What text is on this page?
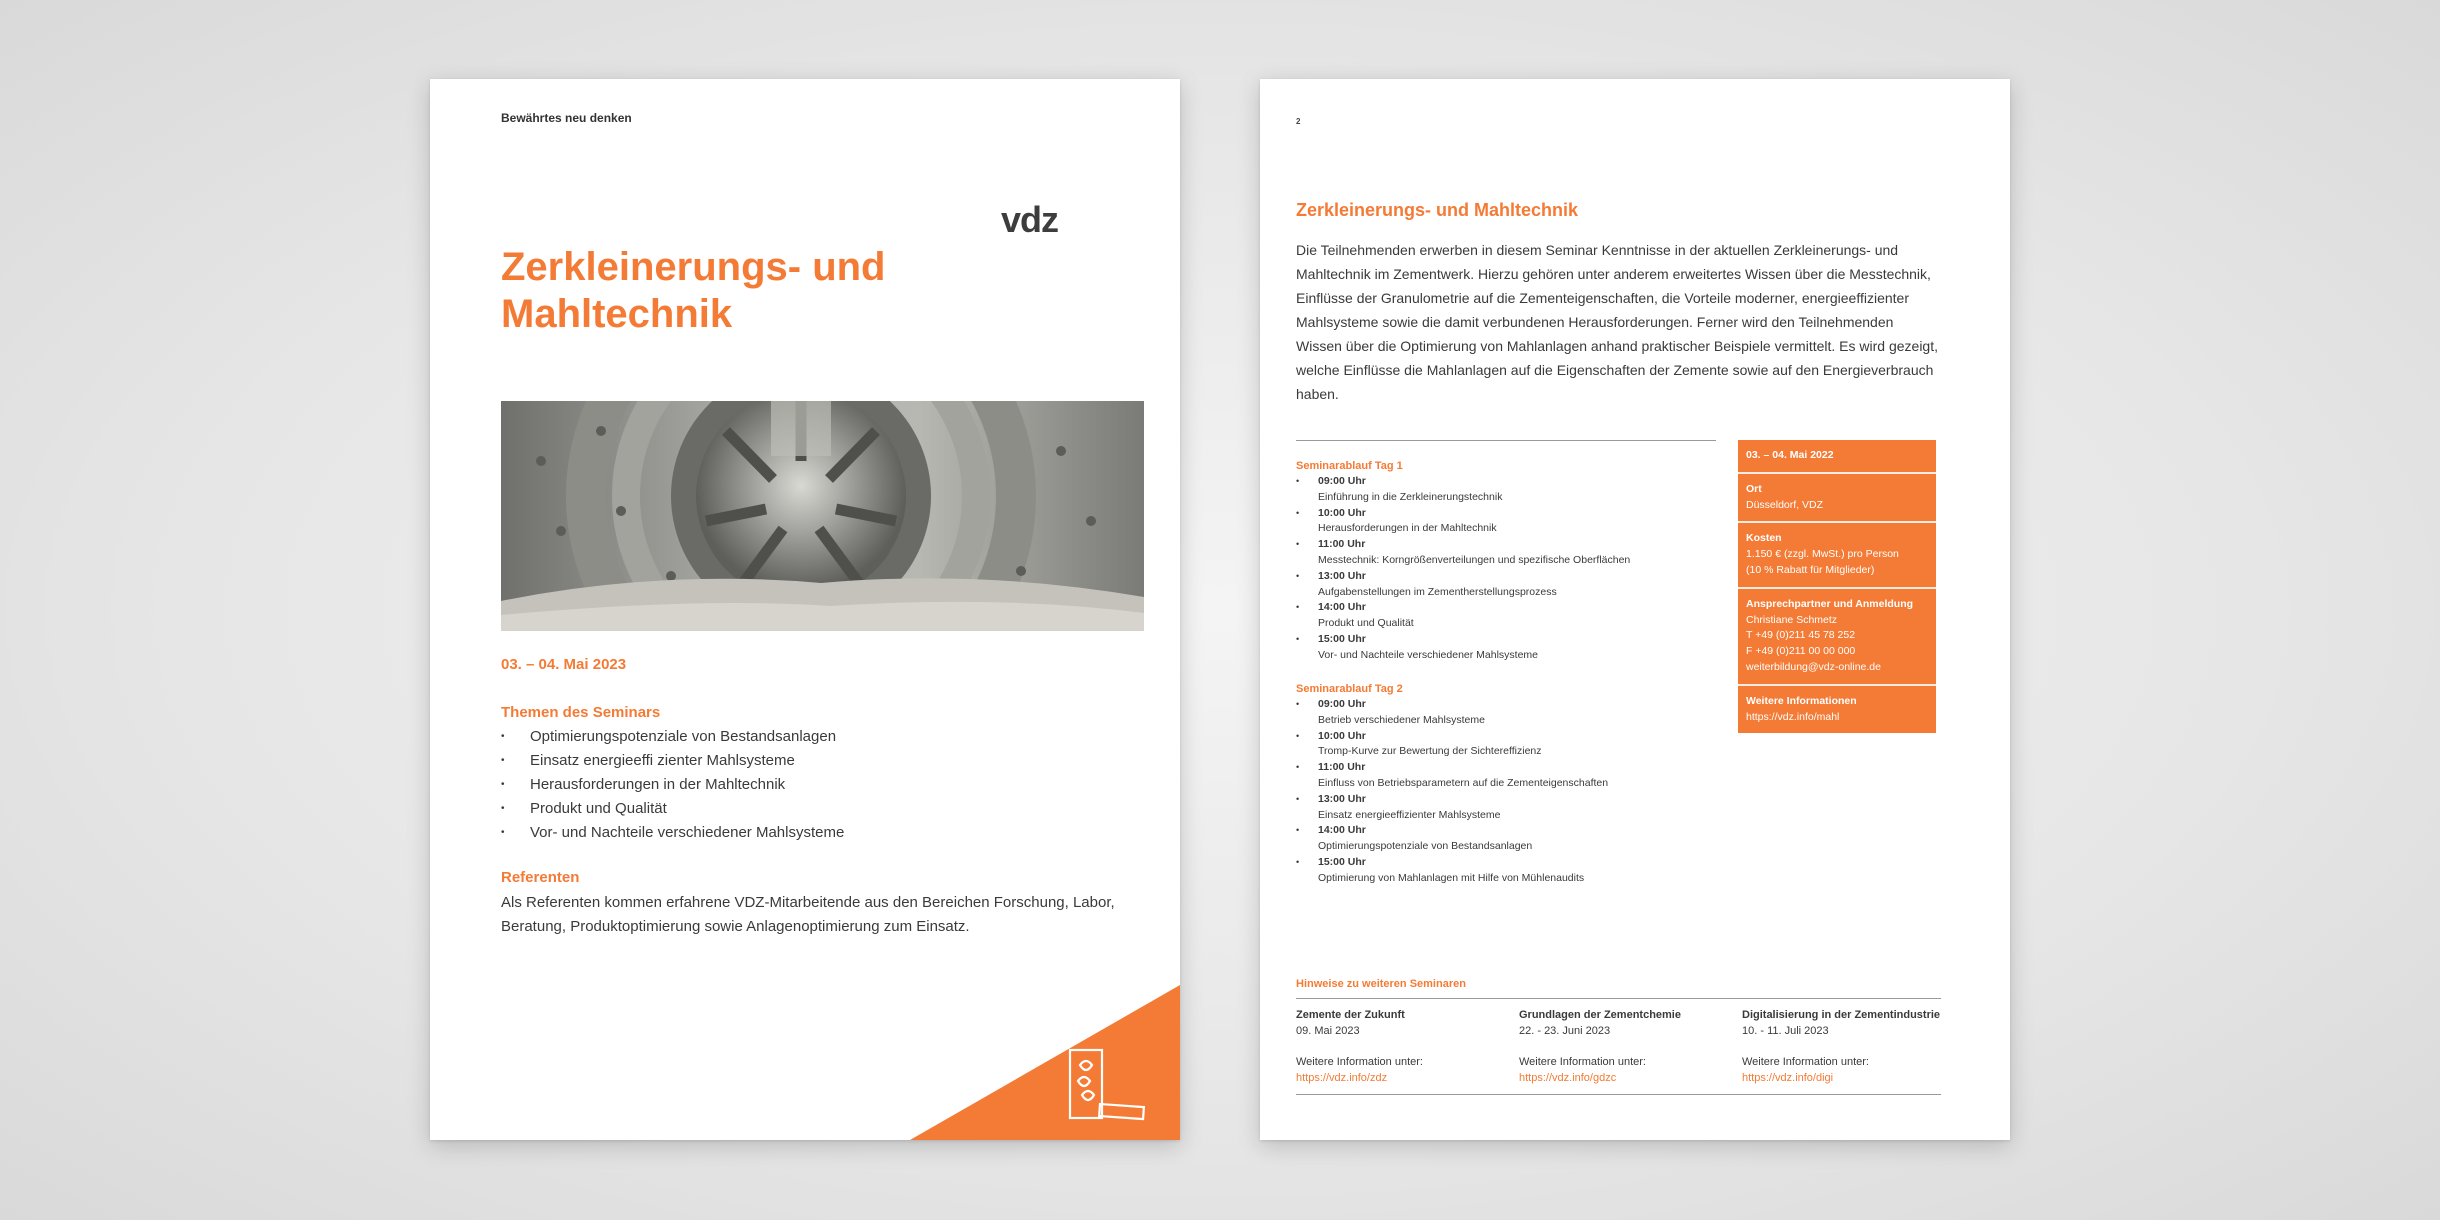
Bewährtes neu denken
vdz
Zerkleinerungs- und
Mahltechnik
03. – 04. Mai 2023
Themen des Seminars
• Optimierungspotenziale von Bestandsanlagen
• Einsatz energieeffi zienter Mahlsysteme
• Herausforderungen in der Mahltechnik
• Produkt und Qualität
• Vor- und Nachteile verschiedener Mahlsysteme
Referenten
Als Referenten kommen erfahrene VDZ-Mitarbeitende aus den Bereichen Forschung, Labor, Beratung, Produktoptimierung sowie Anlagenoptimierung zum Einsatz.
2
Zerkleinerungs- und Mahltechnik
Die Teilnehmenden erwerben in diesem Seminar Kenntnisse in der aktuellen Zerkleinerungs- und Mahltechnik im Zementwerk. Hierzu gehören unter anderem erweitertes Wissen über die Messtechnik, Einflüsse der Granulometrie auf die Zementeigenschaften, die Vorteile moderner, energieeffizienter Mahlsysteme sowie die damit verbundenen Herausforderungen. Ferner wird den Teilnehmenden Wissen über die Optimierung von Mahlanlagen anhand praktischer Beispiele vermittelt. Es wird gezeigt, welche Einflüsse die Mahlanlagen auf die Eigenschaften der Zemente sowie auf den Energieverbrauch haben.
Seminarablauf Tag 1
• 09:00 Uhr
Einführung in die Zerkleinerungstechnik
• 10:00 Uhr
Herausforderungen in der Mahltechnik
• 11:00 Uhr
Messtechnik: Korngrößenverteilungen und spezifische Oberflächen
• 13:00 Uhr
Aufgabenstellungen im Zementherstellungsprozess
• 14:00 Uhr
Produkt und Qualität
• 15:00 Uhr
Vor- und Nachteile verschiedener Mahlsysteme
Seminarablauf Tag 2
• 09:00 Uhr
Betrieb verschiedener Mahlsysteme
• 10:00 Uhr
Tromp-Kurve zur Bewertung der Sichtereffizienz
• 11:00 Uhr
Einfluss von Betriebsparametern auf die Zementeigenschaften
• 13:00 Uhr
Einsatz energieeffizienter Mahlsysteme
• 14:00 Uhr
Optimierungspotenziale von Bestandsanlagen
• 15:00 Uhr
Optimierung von Mahlanlagen mit Hilfe von Mühlenaudits
03. – 04. Mai 2022
Ort
Düsseldorf, VDZ
Kosten
1.150 € (zzgl. MwSt.) pro Person
(10 % Rabatt für Mitglieder)
Ansprechpartner und Anmeldung
Christiane Schmetz
T +49 (0)211 45 78 252
F +49 (0)211 00 00 000
weiterbildung@vdz-online.de
Weitere Informationen
https://vdz.info/mahl
Hinweise zu weiteren Seminaren
Zemente der Zukunft
09. Mai 2023
Weitere Information unter:
https://vdz.info/zdz
Grundlagen der Zementchemie
22. - 23. Juni 2023
Weitere Information unter:
https://vdz.info/gdzc
Digitalisierung in der Zementindustrie
10. - 11. Juli 2023
Weitere Information unter:
https://vdz.info/digi
